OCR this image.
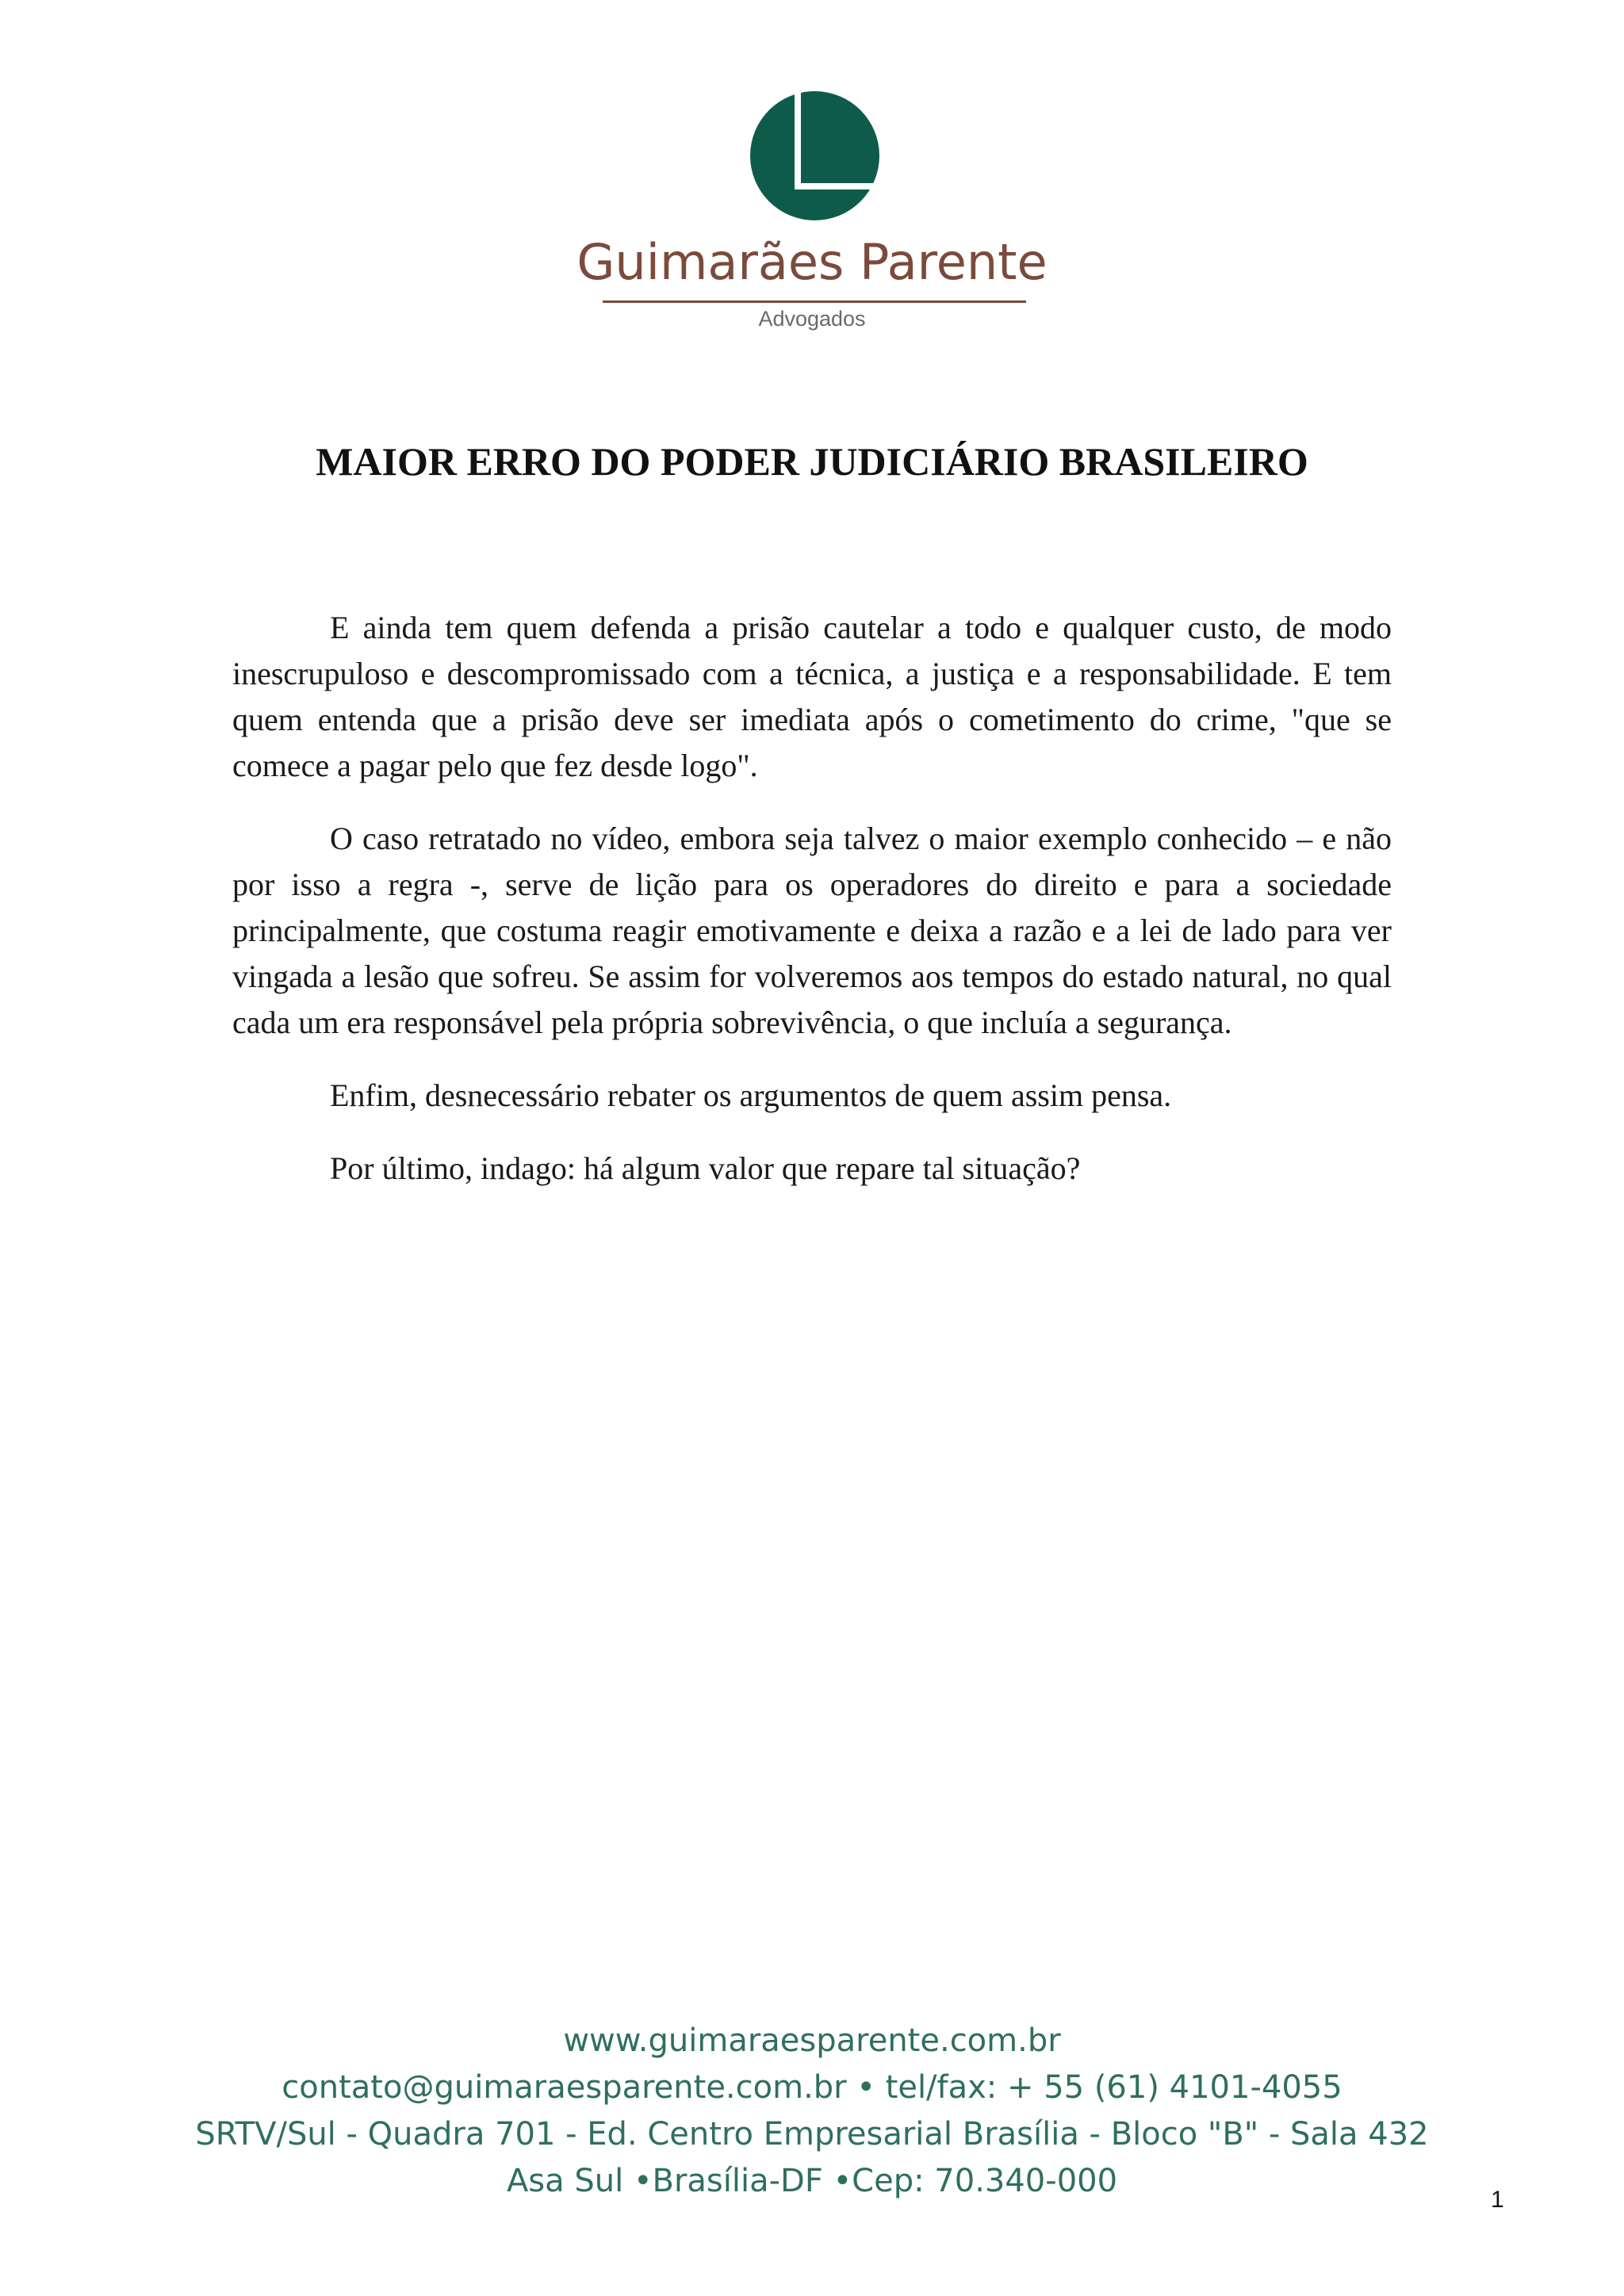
Guimarães Parente
Advogados
MAIOR ERRO DO PODER JUDICIÁRIO BRASILEIRO

E ainda tem quem defenda a prisão cautelar a todo e qualquer custo, de modo inescrupuloso e descompromissado com a técnica, a justiça e a responsabilidade. E tem quem entenda que a prisão deve ser imediata após o cometimento do crime, "que se comece a pagar pelo que fez desde logo".

O caso retratado no vídeo, embora seja talvez o maior exemplo conhecido – e não por isso a regra -, serve de lição para os operadores do direito e para a sociedade principalmente, que costuma reagir emotivamente e deixa a razão e a lei de lado para ver vingada a lesão que sofreu. Se assim for volveremos aos tempos do estado natural, no qual cada um era responsável pela própria sobrevivência, o que incluía a segurança.

Enfim, desnecessário rebater os argumentos de quem assim pensa.

Por último, indago: há algum valor que repare tal situação?

www.guimaraesparente.com.br
contato@guimaraesparente.com.br • tel/fax: + 55 (61) 4101-4055
SRTV/Sul - Quadra 701 - Ed. Centro Empresarial Brasília - Bloco "B" - Sala 432
Asa Sul •Brasília-DF •Cep: 70.340-000
1
